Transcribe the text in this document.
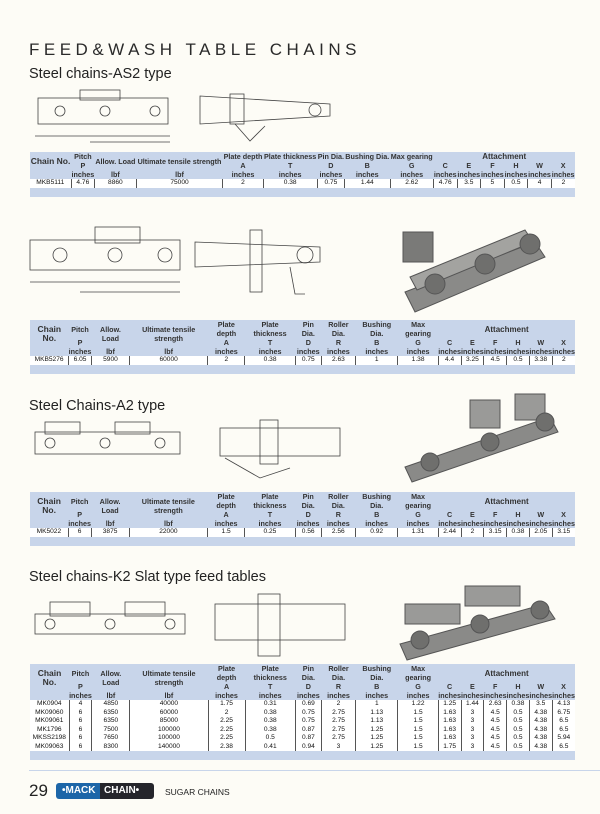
FEED&WASH TABLE CHAINS
Steel chains-AS2 type
Chain No.	Pitch	Allow. Load	Ultimate tensile strength	Plate depth	Plate thickness	Pin Dia.	Bushing Dia.	Max gearing	Attachment					
	P			A	T	D	B	G	C	E	F	H	W	X
	inches	lbf	lbf	inches	inches	inches	inches	inches	inches	inches	inches	inches	inches	inches
MKB5111	4.76	8860	75000	2	0.38	0.75	1.44	2.62	4.76	3.5	5	0.5	4	2
Chain No.	Pitch	Allow. Load	Ultimate tensile strength	Plate depth	Plate thickness	Pin Dia.	Roller Dia.	Bushing Dia.	Max gearing	Attachment					
	P			A	T	D	R	B	G	C	E	F	H	W	X
	inches	lbf	lbf	inches	inches	inches	inches	inches	inches	inches	inches	inches	inches	inches	inches
MKB5276	6.05	5900	60000	2	0.38	0.75	2.63	1	1.38	4.4	3.25	4.5	0.5	3.38	2
Steel Chains-A2 type
Chain No.	Pitch	Allow. Load	Ultimate tensile strength	Plate depth	Plate thickness	Pin Dia.	Roller Dia.	Bushing Dia.	Max gearing	Attachment					
	P			A	T	D	R	B	G	C	E	F	H	W	X
	inches	lbf	lbf	inches	inches	inches	inches	inches	inches	inches	inches	inches	inches	inches	inches
MK5022	6	3875	22000	1.5	0.25	0.56	2.56	0.92	1.31	2.44	2	3.15	0.38	2.05	3.15
Steel chains-K2 Slat type feed tables
Chain No.	Pitch	Allow. Load	Ultimate tensile strength	Plate depth	Plate thickness	Pin Dia.	Roller Dia.	Bushing Dia.	Max gearing	Attachment					
	P			A	T	D	R	B	G	C	E	F	H	W	X
	inches	lbf	lbf	inches	inches	inches	inches	inches	inches	inches	inches	inches	inches	inches	inches
MK0904	4	4850	40000	1.75	0.31	0.69	2	1	1.22	1.25	1.44	2.63	0.38	3.5	4.13
MK09060	6	6350	60000	2	0.38	0.75	2.75	1.13	1.5	1.63	3	4.5	0.5	4.38	6.75
MK09061	6	6350	85000	2.25	0.38	0.75	2.75	1.13	1.5	1.63	3	4.5	0.5	4.38	6.5
MK1796	6	7500	100000	2.25	0.38	0.87	2.75	1.25	1.5	1.63	3	4.5	0.5	4.38	6.5
MKSS2198	6	7650	100000	2.25	0.5	0.87	2.75	1.25	1.5	1.63	3	4.5	0.5	4.38	5.94
MK09063	6	8300	140000	2.38	0.41	0.94	3	1.25	1.5	1.75	3	4.5	0.5	4.38	6.5
29	•MACK CHAIN•	SUGAR CHAINS
